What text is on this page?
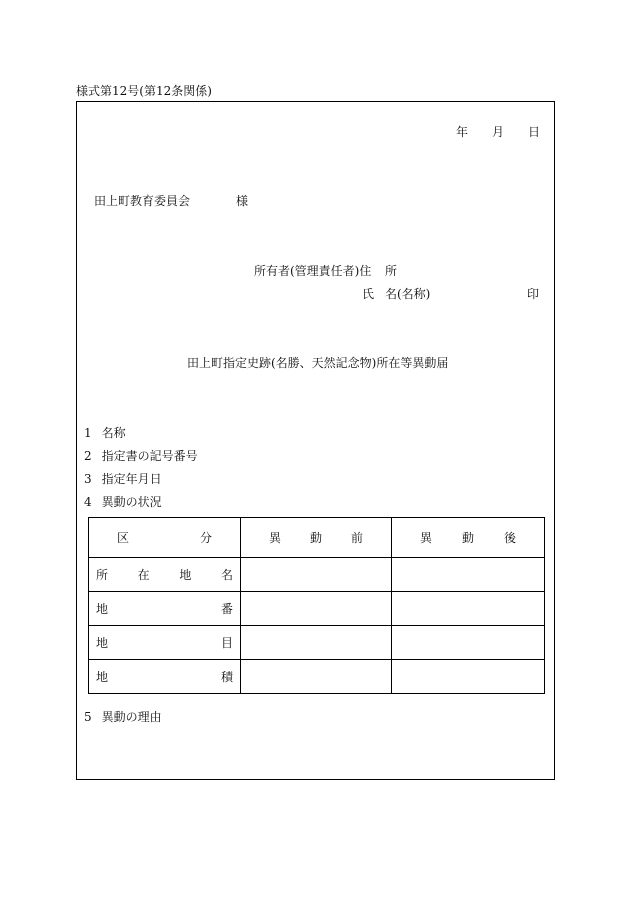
様式第12号(第12条関係)
年 月 日
田上町教育委員会	様
所有者(管理責任者)住 所
氏 名(名称)	印
田上町指定史跡(名勝、天然記念物)所在等異動届
1 名称
2 指定書の記号番号
3 指定年月日
4 異動の状況
区 分	異 動 前	異 動 後

所 在 地 名		

地 番		

地 目		

地 積		

5 異動の理由
